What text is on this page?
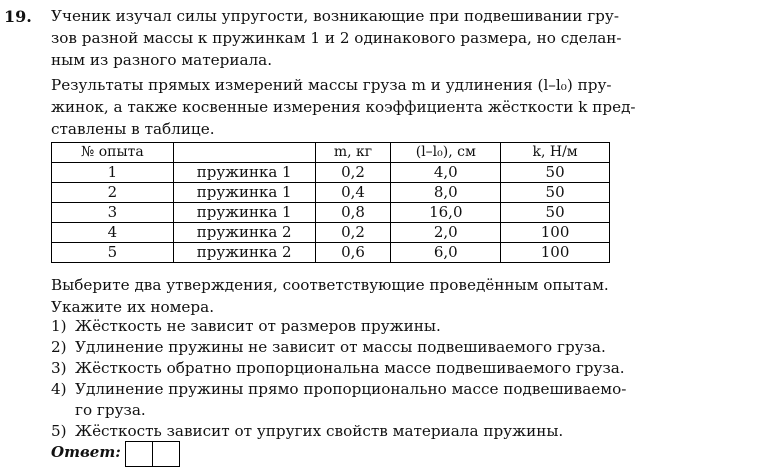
19. Ученик изучал силы упругости, возникающие при подвешивании гру-
зов разной массы к пружинкам 1 и 2 одинакового размера, но сделан-
ным из разного материала.
Результаты прямых измерений массы груза m и удлинения (l–l₀) пру-
жинок, а также косвенные измерения коэффициента жёсткости k пред-
ставлены в таблице.
№ опыта		m, кг	(l–l₀), см	k, Н/м
1	пружинка 1	0,2	4,0	50
2	пружинка 1	0,4	8,0	50
3	пружинка 1	0,8	16,0	50
4	пружинка 2	0,2	2,0	100
5	пружинка 2	0,6	6,0	100
Выберите два утверждения, соответствующие проведённым опытам.
Укажите их номера.
1) Жёсткость не зависит от размеров пружины.
2) Удлинение пружины не зависит от массы подвешиваемого груза.
3) Жёсткость обратно пропорциональна массе подвешиваемого груза.
4) Удлинение пружины прямо пропорционально массе подвешивaемо-
го груза.
5) Жёсткость зависит от упругих свойств материала пружины.
Ответ:
